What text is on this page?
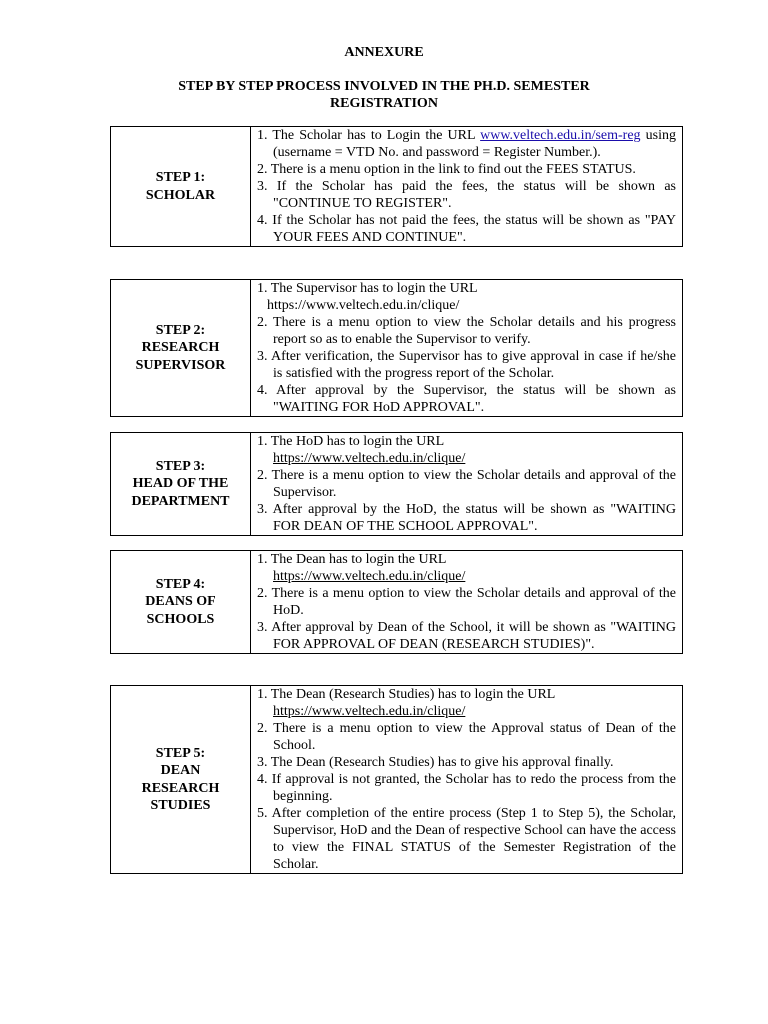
ANNEXURE
STEP BY STEP PROCESS INVOLVED IN THE PH.D. SEMESTER
REGISTRATION
STEP 1:
SCHOLAR

1. The Scholar has to Login the URL www.veltech.edu.in/sem-reg using (username = VTD No. and password = Register Number.).
2. There is a menu option in the link to find out the FEES STATUS.
3. If the Scholar has paid the fees, the status will be shown as "CONTINUE TO REGISTER".
4. If the Scholar has not paid the fees, the status will be shown as "PAY YOUR FEES AND CONTINUE".
STEP 2:
RESEARCH
SUPERVISOR

1. The Supervisor has to login the URL
https://www.veltech.edu.in/clique/
2. There is a menu option to view the Scholar details and his progress report so as to enable the Supervisor to verify.
3. After verification, the Supervisor has to give approval in case if he/she is satisfied with the progress report of the Scholar.
4. After approval by the Supervisor, the status will be shown as "WAITING FOR HoD APPROVAL".
STEP 3:
HEAD OF THE
DEPARTMENT

1. The HoD has to login the URL
https://www.veltech.edu.in/clique/
2. There is a menu option to view the Scholar details and approval of the Supervisor.
3. After approval by the HoD, the status will be shown as "WAITING FOR DEAN OF THE SCHOOL APPROVAL".
STEP 4:
DEANS OF
SCHOOLS

1. The Dean has to login the URL
https://www.veltech.edu.in/clique/
2. There is a menu option to view the Scholar details and approval of the HoD.
3. After approval by Dean of the School, it will be shown as "WAITING FOR APPROVAL OF DEAN (RESEARCH STUDIES)".
STEP 5:
DEAN
RESEARCH
STUDIES

1. The Dean (Research Studies) has to login the URL
https://www.veltech.edu.in/clique/
2. There is a menu option to view the Approval status of Dean of the School.
3. The Dean (Research Studies) has to give his approval finally.
4. If approval is not granted, the Scholar has to redo the process from the beginning.
5. After completion of the entire process (Step 1 to Step 5), the Scholar, Supervisor, HoD and the Dean of respective School can have the access to view the FINAL STATUS of the Semester Registration of the Scholar.
